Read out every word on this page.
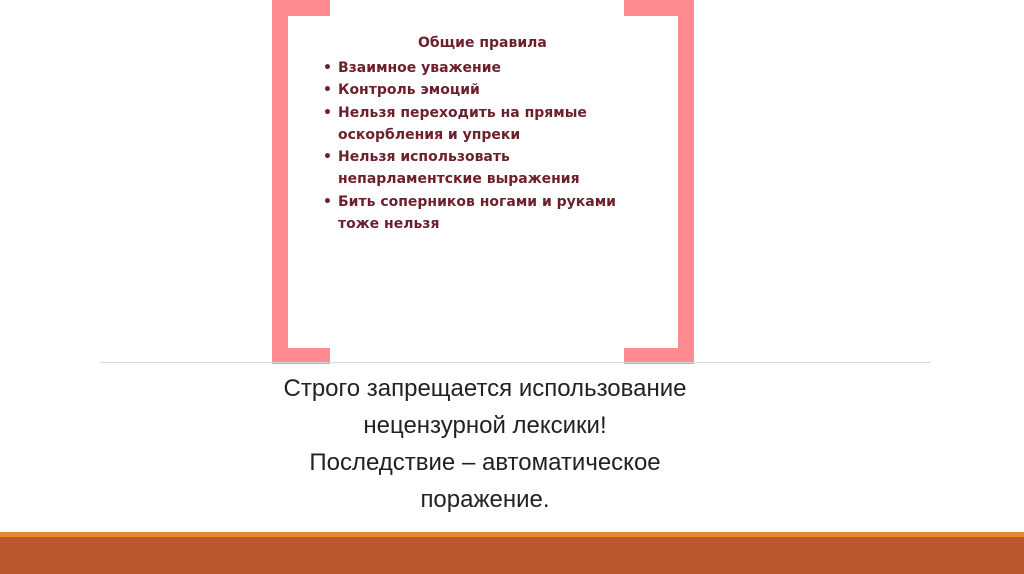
Общие правила

• Взаимное уважение
• Контроль эмоций
• Нельзя переходить на прямые
оскорбления и упреки
• Нельзя использовать
непарламентские выражения
• Бить соперников ногами и руками
тоже нельзя

Строго запрещается использование
нецензурной лексики!
Последствие – автоматическое
поражение.
